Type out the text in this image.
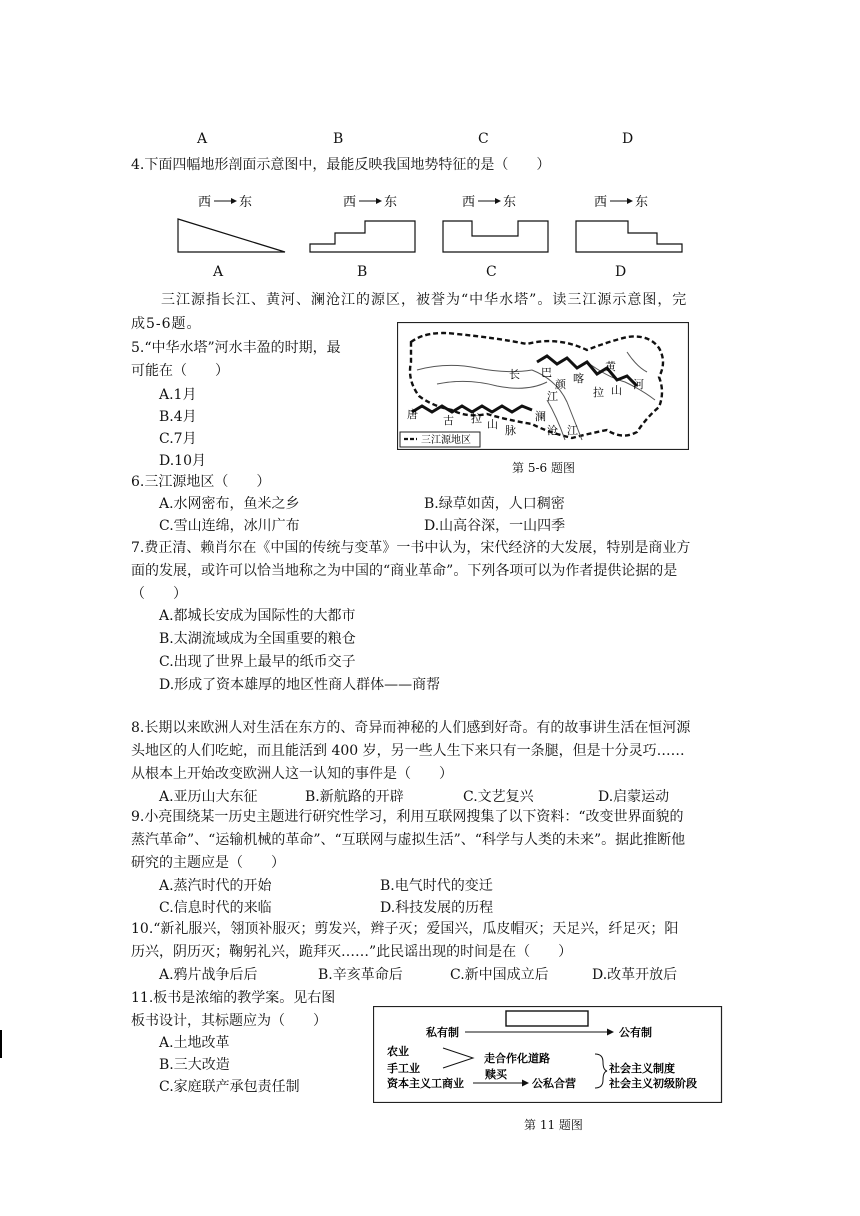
A	B	C	D
4.下面四幅地形剖面示意图中，最能反映我国地势特征的是（　　）
西 东	西 东	西 东	西 东
A	B	C	D
三江源指长江、黄河、澜沧江的源区，被誉为“中华水塔”。读三江源示意图，完成5-6题。
5.“中华水塔”河水丰盈的时期，最
可能在（　　）
A.1月
B.4月
C.7月
D.10月
长 巴
颜 喀
拉 山
黄
河
江
唐 古 拉 山 脉
澜
沧 江
三江源地区
第 5-6 题图
6.三江源地区（　　）
A.水网密布，鱼米之乡	B.绿草如茵，人口稠密
C.雪山连绵，冰川广布	D.山高谷深，一山四季
7.费正清、赖肖尔在《中国的传统与变革》一书中认为，宋代经济的大发展，特别是商业方面的发展，或许可以恰当地称之为中国的“商业革命”。下列各项可以为作者提供论据的是（　　）
A.都城长安成为国际性的大都市
B.太湖流域成为全国重要的粮仓
C.出现了世界上最早的纸币交子
D.形成了资本雄厚的地区性商人群体——商帮
8.长期以来欧洲人对生活在东方的、奇异而神秘的人们感到好奇。有的故事讲生活在恒河源头地区的人们吃蛇，而且能活到 400 岁，另一些人生下来只有一条腿，但是十分灵巧……从根本上开始改变欧洲人这一认知的事件是（　　）
A.亚历山大东征	B.新航路的开辟	C.文艺复兴	D.启蒙运动
9.小亮围绕某一历史主题进行研究性学习，利用互联网搜集了以下资料：“改变世界面貌的蒸汽革命”、“运输机械的革命”、“互联网与虚拟生活”、“科学与人类的未来”。据此推断他研究的主题应是（　　）
A.蒸汽时代的开始	B.电气时代的变迁
C.信息时代的来临	D.科技发展的历程
10.“新礼服兴，翎顶补服灭；剪发兴，辫子灭；爱国兴，瓜皮帽灭；天足兴，纤足灭；阳历兴，阴历灭；鞠躬礼兴，跪拜灭……”此民谣出现的时间是在（　　）
A.鸦片战争后后	B.辛亥革命后	C.新中国成立后	D.改革开放后
11.板书是浓缩的教学案。见右图
板书设计，其标题应为（　　）
A.土地改革
B.三大改造
C.家庭联产承包责任制
私有制	公有制
农业
手工业
走合作化道路
资本主义工商业
赎买
公私合营
社会主义制度
社会主义初级阶段
第 11 题图
